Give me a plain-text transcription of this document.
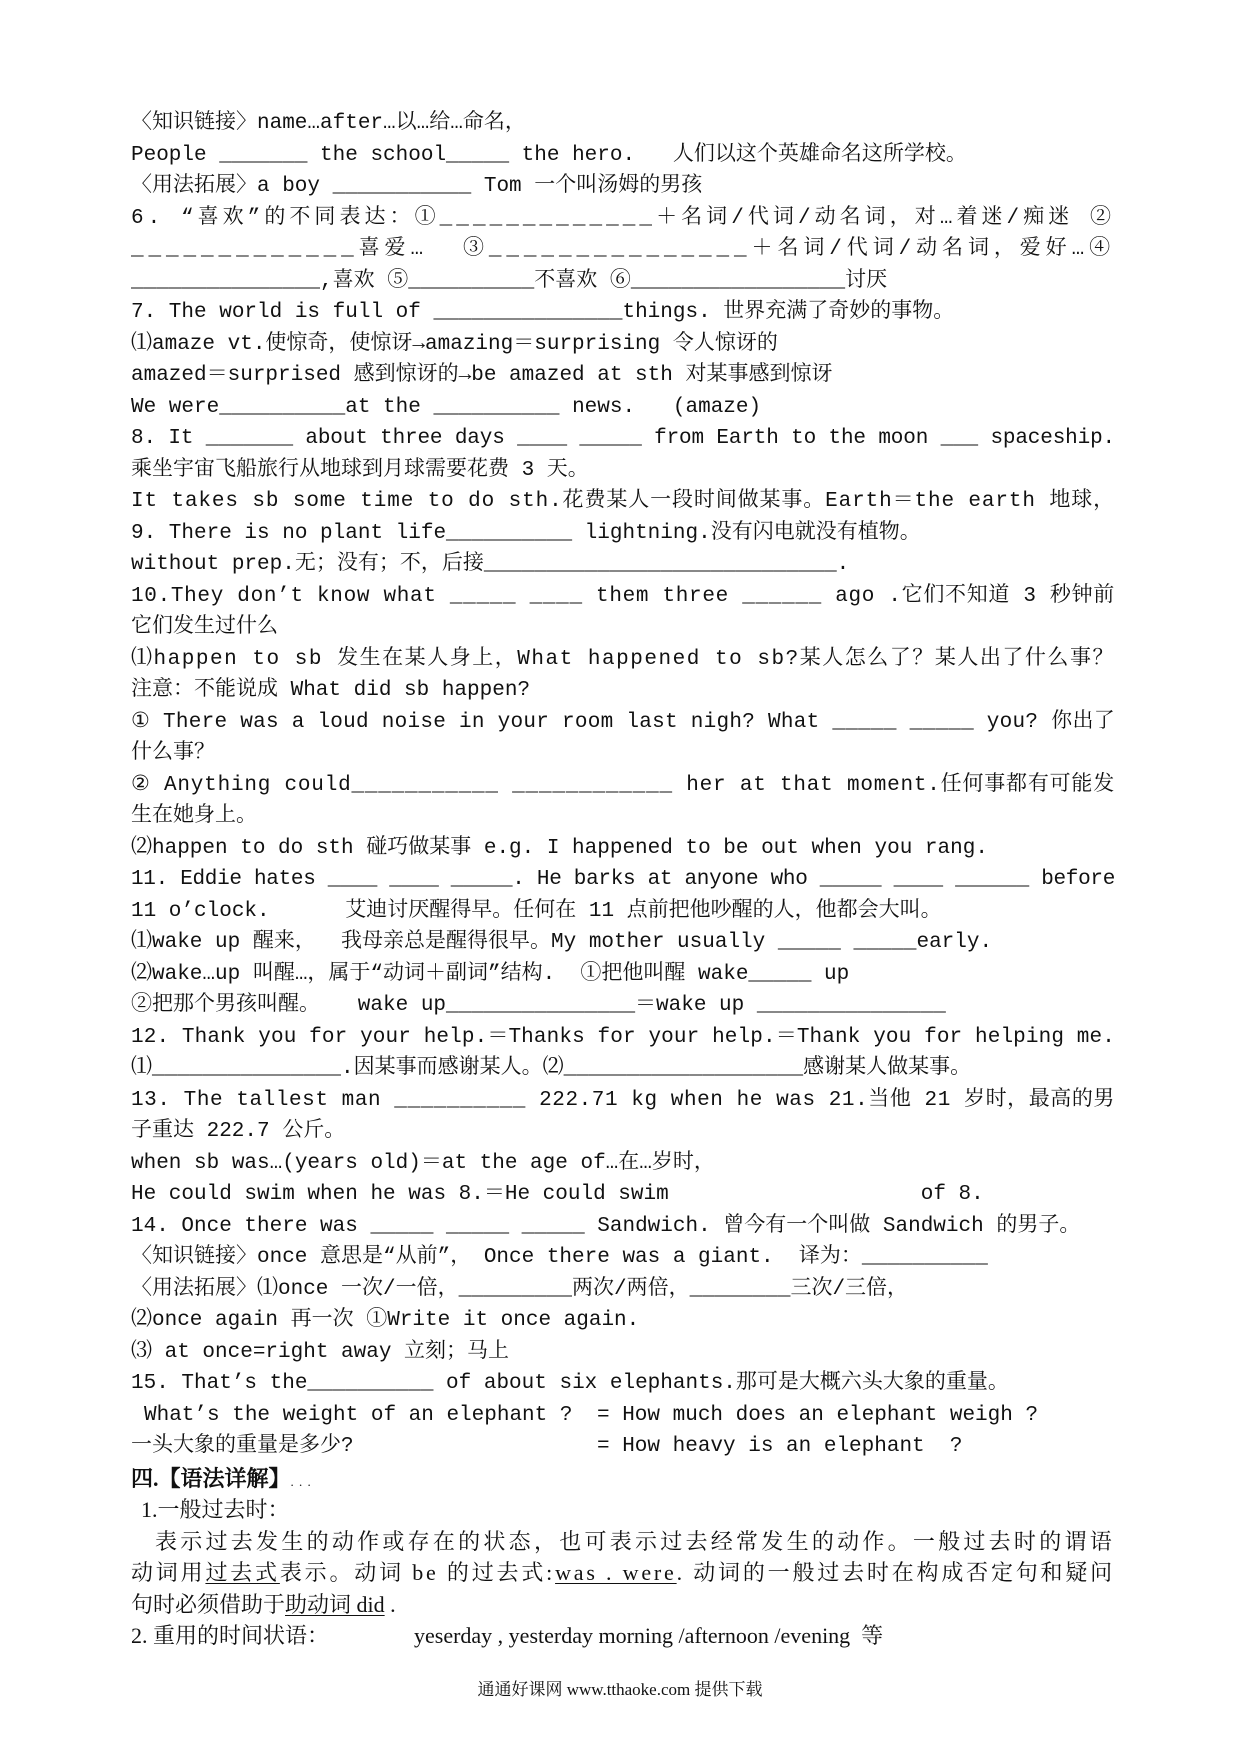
〈知识链接〉name…after…以…给…命名，
People _______ the school_____ the hero.   人们以这个英雄命名这所学校。
〈用法拓展〉a boy ___________ Tom 一个叫汤姆的男孩
6. “喜欢”的不同表达：①_____________＋名词/代词/动名词，对…着迷/痴迷 ②
_____________喜爱…  ③_______________＋名词/代词/动名词，爱好…④
_______________,喜欢 ⑤__________不喜欢 ⑥_________________讨厌
7. The world is full of _______________things. 世界充满了奇妙的事物。
⑴amaze vt.使惊奇，使惊讶→amazing＝surprising 令人惊讶的
amazed＝surprised 感到惊讶的→be amazed at sth 对某事感到惊讶
We were__________at the __________ news.   (amaze)
8. It _______ about three days ____ _____ from Earth to the moon ___ spaceship.
乘坐宇宙飞船旅行从地球到月球需要花费 3 天。
It takes sb some time to do sth.花费某人一段时间做某事。Earth＝the earth 地球，
9. There is no plant life__________ lightning.没有闪电就没有植物。
without prep.无；没有；不，后接____________________________.
10.They don’t know what _____ ____ them three ______ ago .它们不知道 3 秒钟前
它们发生过什么
⑴happen to sb 发生在某人身上，What happened to sb?某人怎么了？某人出了什么事？
注意：不能说成 What did sb happen?
① There was a loud noise in your room last nigh? What _____ _____ you? 你出了
什么事？
② Anything could___________ ____________ her at that moment.任何事都有可能发
生在她身上。
⑵happen to do sth 碰巧做某事 e.g. I happened to be out when you rang.
11. Eddie hates ____ ____ _____. He barks at anyone who _____ ____ ______ before
11 o’clock.      艾迪讨厌醒得早。任何在 11 点前把他吵醒的人，他都会大叫。
⑴wake up 醒来，  我母亲总是醒得很早。My mother usually _____ _____early.
⑵wake…up 叫醒…，属于“动词＋副词”结构.  ①把他叫醒 wake_____ up
②把那个男孩叫醒。   wake up_______________＝wake up _______________
12. Thank you for your help.＝Thanks for your help.＝Thank you for helping me.
⑴_______________.因某事而感谢某人。⑵___________________感谢某人做某事。
13. The tallest man __________ 222.71 kg when he was 21.当他 21 岁时，最高的男
子重达 222.7 公斤。
when sb was…(years old)＝at the age of…在…岁时，
He could swim when he was 8.＝He could swim                    of 8.
14. Once there was _____ _____ _____ Sandwich. 曾今有一个叫做 Sandwich 的男子。
〈知识链接〉once 意思是“从前”， Once there was a giant.  译为：__________
〈用法拓展〉⑴once 一次/一倍，_________两次/两倍，________三次/三倍，
⑵once again 再一次 ①Write it once again.
⑶ at once=right away 立刻；马上
15. That’s the__________ of about six elephants.那可是大概六头大象的重量。
What’s the weight of an elephant ? = How much does an elephant weigh ?
一头大象的重量是多少?	= How heavy is an elephant  ?
四.【语法详解】. . .
1.一般过去时：
表示过去发生的动作或存在的状态，也可表示过去经常发生的动作。一般过去时的谓语
动词用过去式表示。动词 be 的过去式:was . were. 动词的一般过去时在构成否定句和疑问
句时必须借助于助动词 did .
2. 重用的时间状语：	yeserday , yesterday morning /afternoon /evening  等
通通好课网 www.tthaoke.com 提供下载
